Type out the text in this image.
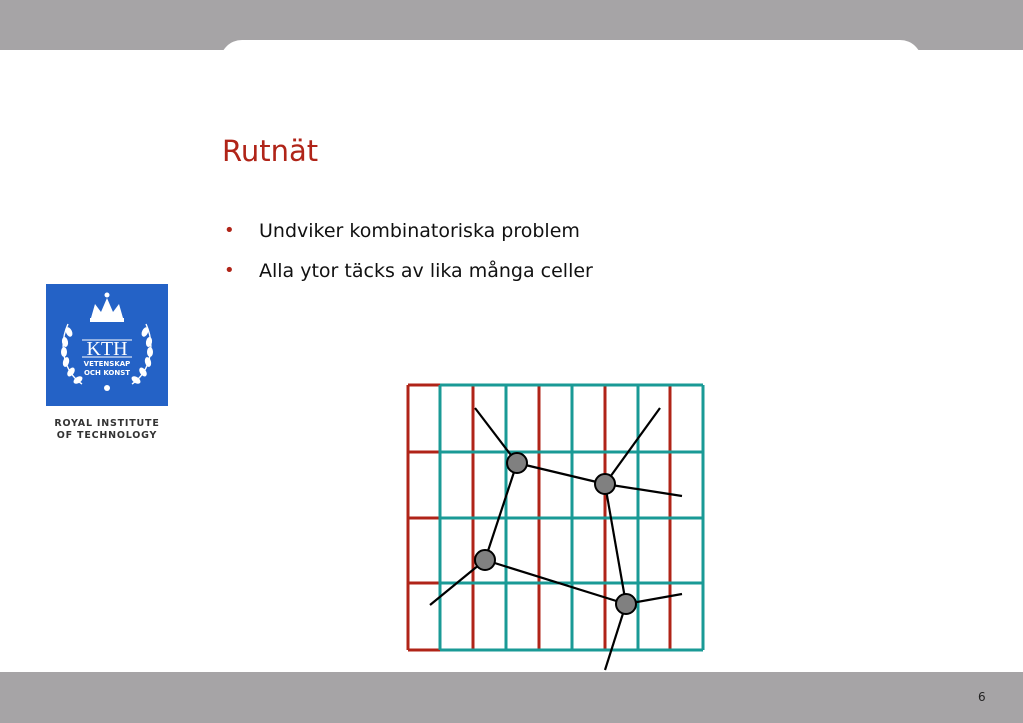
Rutnät
• Undviker kombinatoriska problem
• Alla ytor täcks av lika många celler
KTH
VETENSKAP
OCH KONST
ROYAL INSTITUTE
OF TECHNOLOGY
6
